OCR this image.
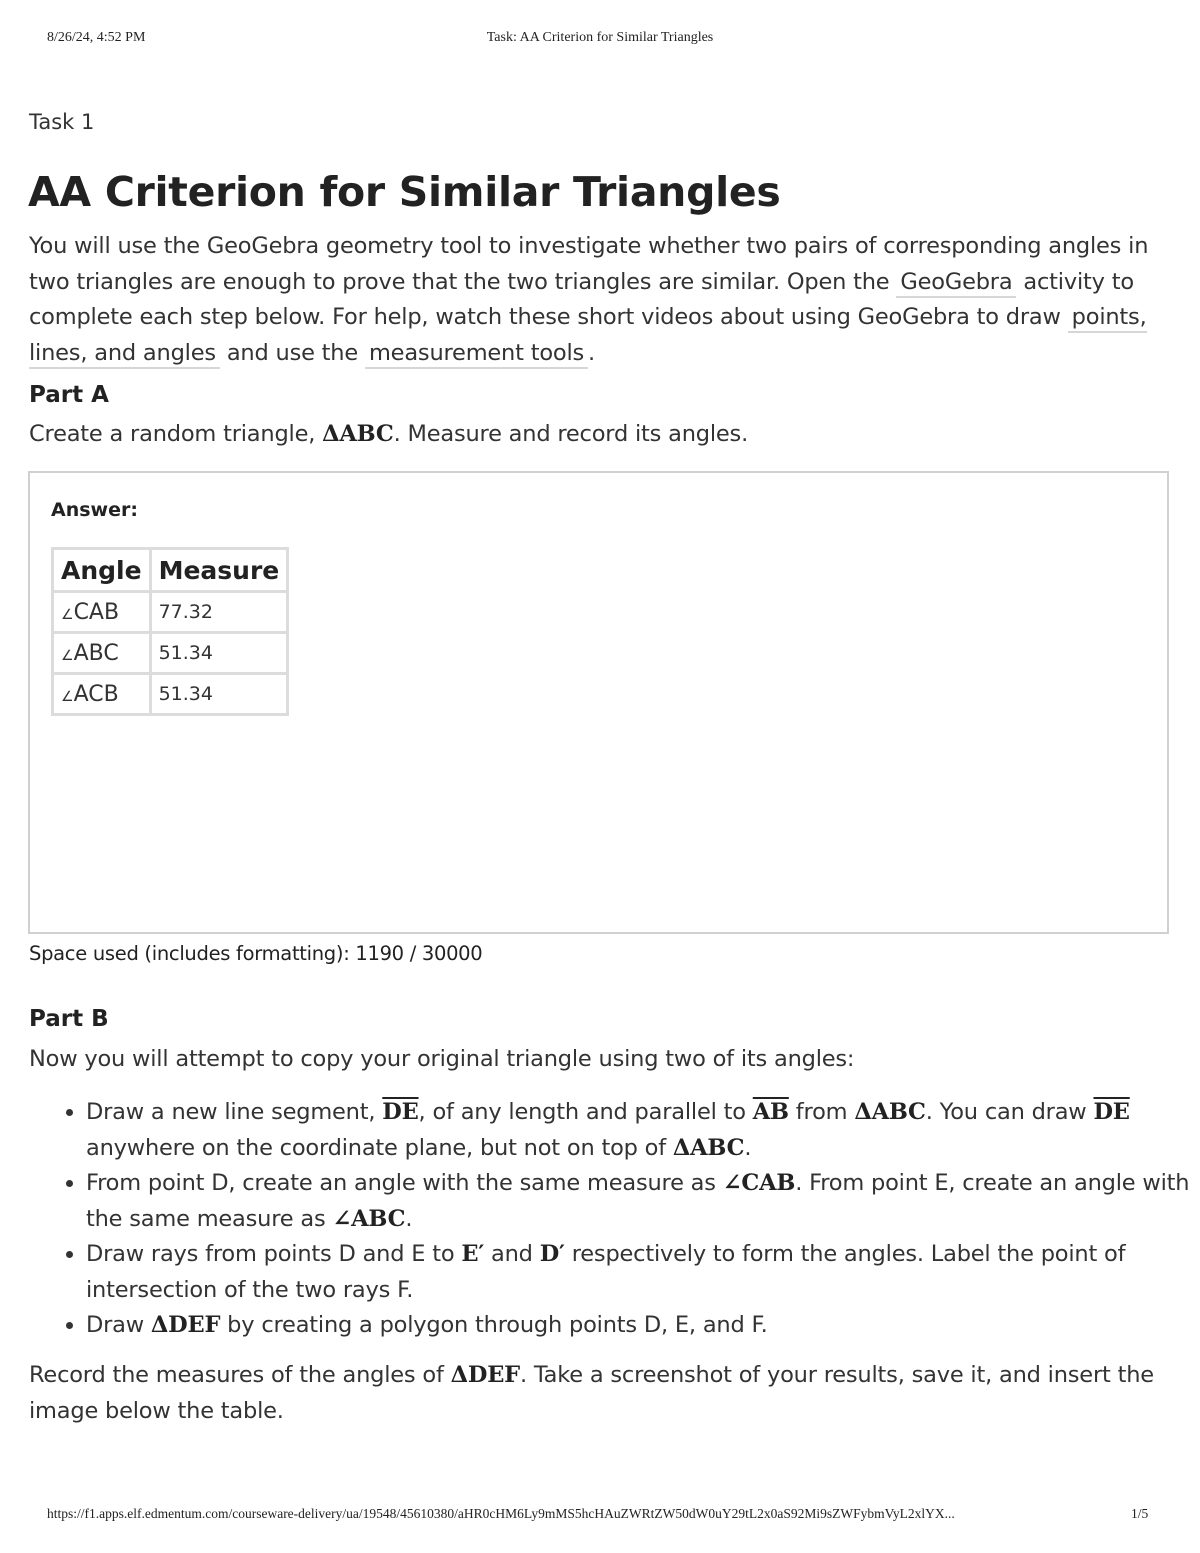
8/26/24, 4:52 PM	Task: AA Criterion for Similar Triangles
Task 1
AA Criterion for Similar Triangles

You will use the GeoGebra geometry tool to investigate whether two pairs of corresponding angles in two triangles are enough to prove that the two triangles are similar. Open the GeoGebra activity to complete each step below. For help, watch these short videos about using GeoGebra to draw points, lines, and angles and use the measurement tools .

Part A

Create a random triangle, ΔABC. Measure and record its angles.

Answer:
Angle	Measure
∠CAB	77.32
∠ABC	51.34
∠ACB	51.34
Space used (includes formatting): 1190 / 30000
Part B

Now you will attempt to copy your original triangle using two of its angles:

• Draw a new line segment, $\overline{DE}$, of any length and parallel to $\overline{AB}$ from ΔABC. You can draw $\overline{DE}$ anywhere on the coordinate plane, but not on top of ΔABC.
• From point D, create an angle with the same measure as ∠CAB. From point E, create an angle with the same measure as ∠ABC.
• Draw rays from points D and E to E′ and D′ respectively to form the angles. Label the point of intersection of the two rays F.
• Draw ΔDEF by creating a polygon through points D, E, and F.

Record the measures of the angles of ΔDEF. Take a screenshot of your results, save it, and insert the image below the table.

https://f1.apps.elf.edmentum.com/courseware-delivery/ua/19548/45610380/aHR0cHM6Ly9mMS5hcHAuZWRtZW50dW0uY29tL2x0aS92Mi9sZWFybmVyL2xlYX...	1/5
